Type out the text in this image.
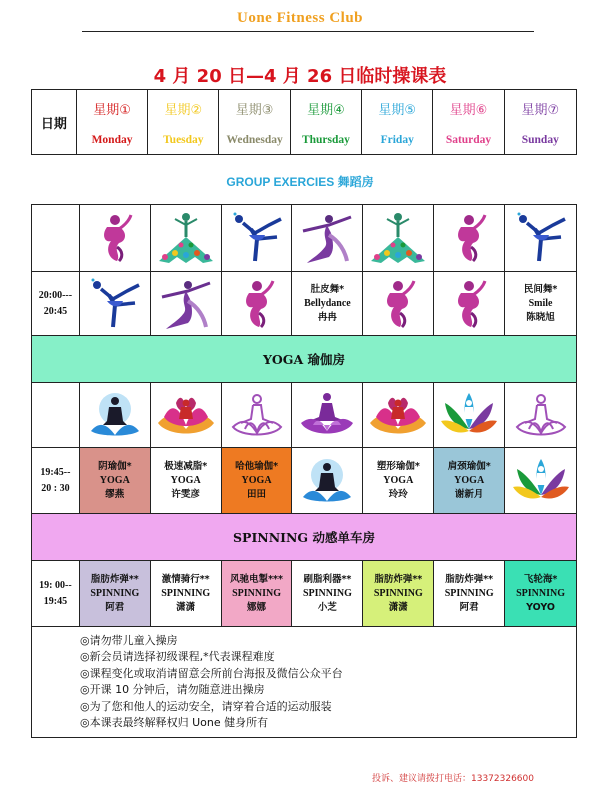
Uone Fitness Club
4 月 20 日—4 月 26 日临时操课表
日期
星期①
Monday
星期②
Tuesday
星期③
Wednesday
星期④
Thursday
星期⑤
Friday
星期⑥
Saturday
星期⑦
Sunday
GROUP EXERCIES 舞蹈房
20:00---
20:45
肚皮舞*
Bellydance
冉冉
民间舞*
Smile
陈晓旭
YOGA 瑜伽房
19:45--
20 : 30
阴瑜伽*
YOGA
缪燕
极速减脂*
YOGA
许雯彦
哈他瑜伽*
YOGA
田田
塑形瑜伽*
YOGA
玲玲
肩颈瑜伽*
YOGA
谢新月
SPINNING 动感单车房
19: 00--
19:45
脂肪炸弹**
SPINNING
阿君
激情骑行**
SPINNING
潇潇
风驰电掣***
SPINNING
娜娜
刷脂利器**
SPINNING
小芝
脂肪炸弹**
SPINNING
潇潇
脂肪炸弹**
SPINNING
阿君
飞轮海*
SPINNING
YOYO
◎请勿带儿童入操房
◎新会员请选择初级课程,*代表课程难度
◎课程变化或取消请留意会所前台海报及微信公众平台
◎开课 10 分钟后，请勿随意进出操房
◎为了您和他人的运动安全，请穿着合适的运动服装
◎本课表最终解释权归 Uone 健身所有
投诉、建议请拨打电话：13372326600
